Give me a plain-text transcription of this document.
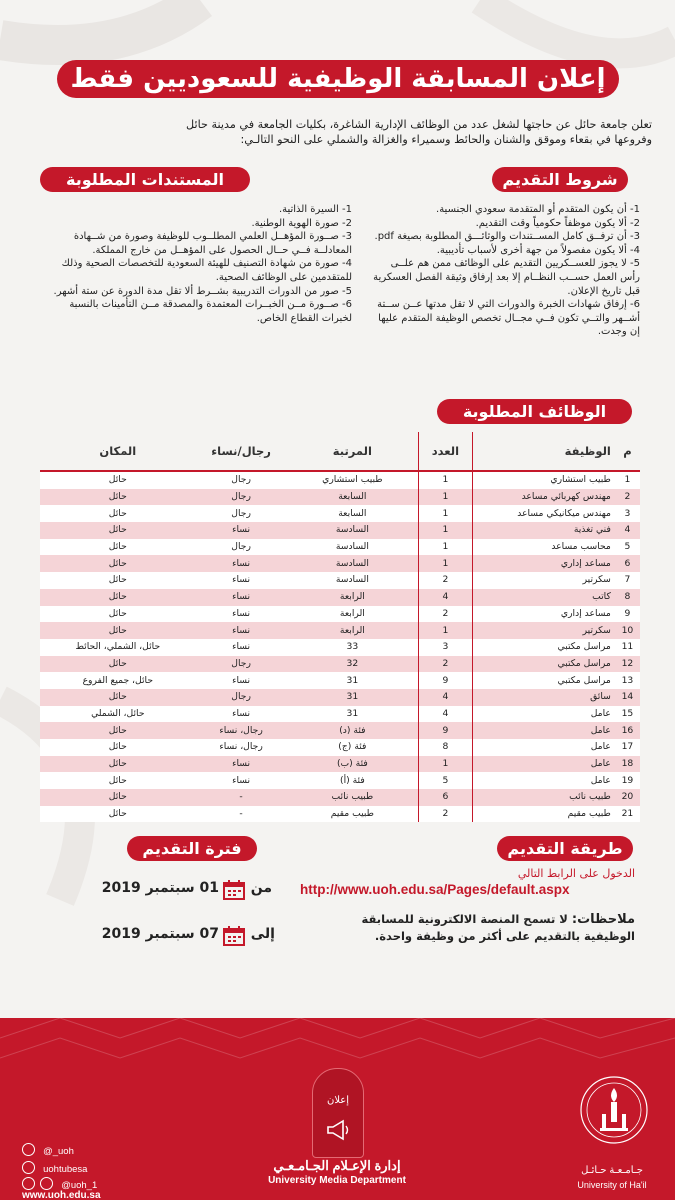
إعلان المسابقة الوظيفية للسعوديين فقط

تعلن جامعة حائل عن حاجتها لشغل عدد من الوظائف الإدارية الشاغرة، بكليات الجامعة في مدينة حائل

وفروعها في بقعاء وموقق والشنان والحائط وسميراء والغزالة والشملي على النحو التالـي:

شروط التقديم

1- أن يكون المتقدم أو المتقدمة سعودي الجنسية.

2- ألا يكون موظفاً حكومياً وقت التقديم.

3- أن ترفــق كامل المســتندات والوثائـــق المطلوبة بصيغة pdf.

4- ألا يكون مفصولاً من جهة أخرى لأسباب تأديبية.

5- لا يجوز للعســكريين التقديم على الوظائف ممن هم علــى رأس العمل حســب النظــام إلا بعد إرفاق وثيقة الفصل العسكرية قبل تاريخ الإعلان.

6- إرفاق شهادات الخبرة والدورات التي لا تقل مدتها عــن ســتة أشــهر والتــي تكون فــي مجــال تخصص الوظيفة المتقدم عليها إن وجدت.

المستندات المطلوبة

1- السيرة الذاتية.

2- صورة الهوية الوطنية.

3- صــورة المؤهــل العلمي المطلــوب للوظيفة وصورة من شــهادة المعادلــة فــي حــال الحصول على المؤهــل من خارج المملكة.

4- صورة من شهادة التصنيف للهيئة السعودية للتخصصات الصحية وذلك للمتقدمين على الوظائف الصحية.

5- صور من الدورات التدريبية بشــرط ألا تقل مدة الدورة عن ستة أشهر.

6- صــورة مــن الخبــرات المعتمدة والمصدقة مــن التأمينات بالنسبة لخبرات القطاع الخاص.

الوظائف المطلوبة
م	الوظيفة	العدد	المرتبة	رجال/نساء	المكان
1	طبيب استشاري	1	طبيب استشاري	رجال	حائل
2	مهندس كهربائي مساعد	1	السابعة	رجال	حائل
3	مهندس ميكانيكي مساعد	1	السابعة	رجال	حائل
4	فني تغذية	1	السادسة	نساء	حائل
5	محاسب مساعد	1	السادسة	رجال	حائل
6	مساعد إداري	1	السادسة	نساء	حائل
7	سكرتير	2	السادسة	نساء	حائل
8	كاتب	4	الرابعة	نساء	حائل
9	مساعد إداري	2	الرابعة	نساء	حائل
10	سكرتير	1	الرابعة	نساء	حائل
11	مراسل مكتبي	3	33	نساء	حائل، الشملي، الحائط
12	مراسل مكتبي	2	32	رجال	حائل
13	مراسل مكتبي	9	31	نساء	حائل، جميع الفروع
14	سائق	4	31	رجال	حائل
15	عامل	4	31	نساء	حائل، الشملي
16	عامل	9	فئة (د)	رجال، نساء	حائل
17	عامل	8	فئة (ج)	رجال، نساء	حائل
18	عامل	1	فئة (ب)	نساء	حائل
19	عامل	5	فئة (أ)	نساء	حائل
20	طبيب نائب	6	طبيب نائب	-	حائل
21	طبيب مقيم	2	طبيب مقيم	-	حائل
طريقة التقديم
الدخول على الرابط التالي
http://www.uoh.edu.sa/Pages/default.aspx
ملاحظات: لا تسمح المنصة الالكترونية للمسابقة
الوظيفية بالتقديم على أكثر من وظيفة واحدة.
فترة التقديم
من
01 سبتمبر 2019
إلى
07 سبتمبر 2019
@_uoh
uohtubesa
@uoh_1
www.uoh.edu.sa
إعلان
إدارة الإعـلام الجـامـعـي
University Media Department
جـامـعـة حـائـل
University of Ha'il
